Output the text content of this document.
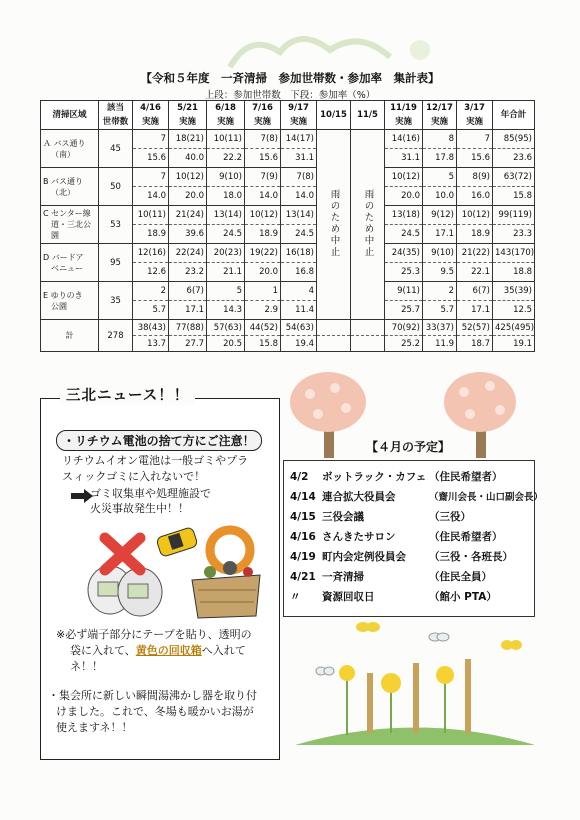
【令和５年度　一斉清掃　参加世帯数・参加率　集計表】
上段：参加世帯数　下段：参加率（%）
清掃区域	該当	4/16	5/21	6/18	7/16	9/17	10/15	11/5	11/19	12/17	3/17	年合計
	世帯数	実施	実施	実施	実施	実施			実施	実施	実施	

Ａ バス通り
（南）	45	7	18(21)	10(11)	7(8)	14(17)	雨のため中止	雨のため中止	14(16)	8	7	85(95)
		15.6	40.0	22.2	15.6	31.1			31.1	17.8	15.6	23.6

B バス通り
（北）	50	7	10(12)	9(10)	7(9)	7(8)			10(12)	5	8(9)	63(72)
		14.0	20.0	18.0	14.0	14.0			20.0	10.0	16.0	15.8

C センター線
道・三北公園	53	10(11)	21(24)	13(14)	10(12)	13(14)			13(18)	9(12)	10(12)	99(119)
		18.9	39.6	24.5	18.9	24.5			24.5	17.1	18.9	23.3

D バードア
ベニュー	95	12(16)	22(24)	20(23)	19(22)	16(18)			24(35)	9(10)	21(22)	143(170)
		12.6	23.2	21.1	20.0	16.8			25.3	9.5	22.1	18.8

E ゆりのき
公園	35	2	6(7)	5	1	4			9(11)	2	6(7)	35(39)
		5.7	17.1	14.3	2.9	11.4			25.7	5.7	17.1	12.5
計	278	38(43)	77(88)	57(63)	44(52)	54(63)			70(92)	33(37)	52(57)	425(495)
		13.7	27.7	20.5	15.8	19.4			25.2	11.9	18.7	19.1
三北ニュース！！
・リチウム電池の捨て方にご注意！
リチウムイオン電池は一般ゴミやプラ
スィックゴミに入れないで！
ゴミ収集車や処理施設で
火災事故発生中！！
※必ず端子部分にテープを貼り、透明の
袋に入れて、黄色の回収箱へ入れて
ネ！！
・集会所に新しい瞬間湯沸かし器を取り付
けました。これで、冬場も暖かいお湯が
使えますネ！！
【４月の予定】
4/2	ボットラック・カフェ （住民希望者）
4/14 連合拡大役員会	（齋川会長・山口副会長）
4/15 三役会議	（三役）
4/16 さんきたサロン	（住民希望者）
4/19 町内会定例役員会 （三役・各班長）
4/21 一斉清掃	（住民全員）
〃	資源回収日	（館小 PTA）
